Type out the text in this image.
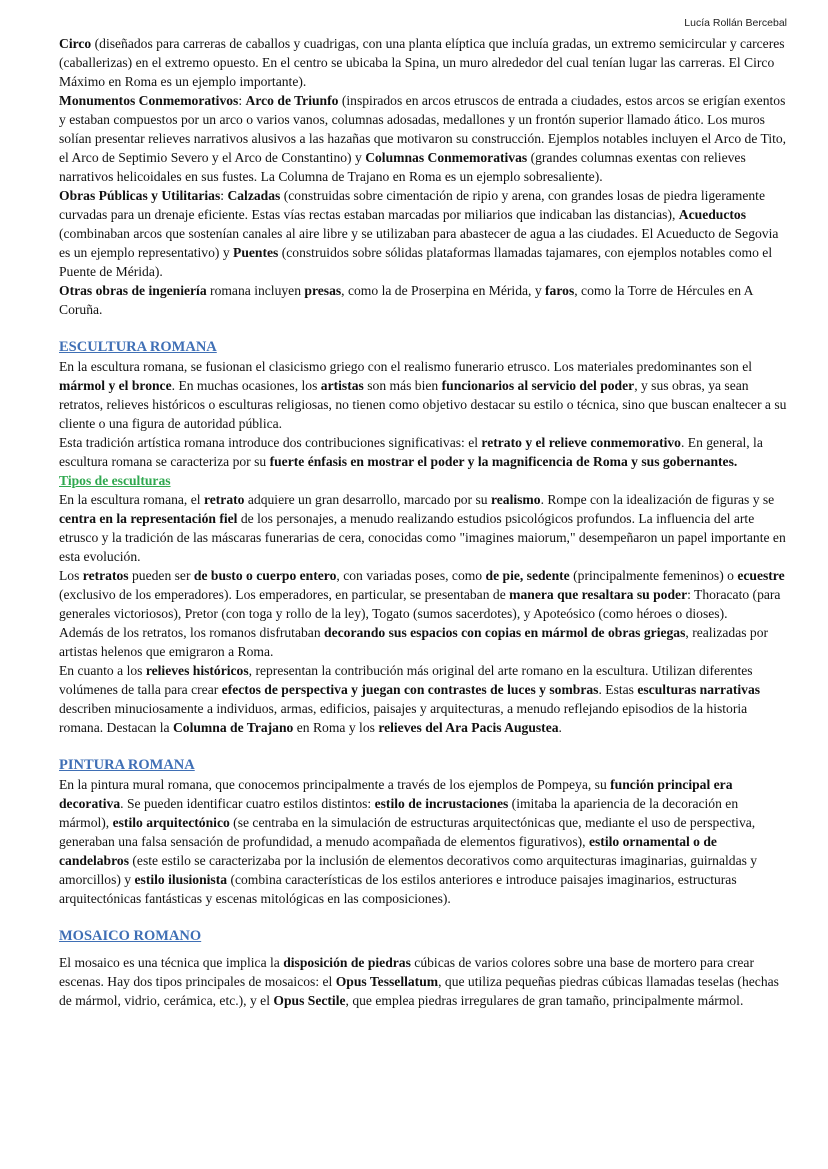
Lucía Rollán Bercebal

Circo (diseñados para carreras de caballos y cuadrigas, con una planta elíptica que incluía gradas, un extremo semicircular y carceres (caballerizas) en el extremo opuesto. En el centro se ubicaba la Spina, un muro alrededor del cual tenían lugar las carreras. El Circo Máximo en Roma es un ejemplo importante).

Monumentos Conmemorativos: Arco de Triunfo (inspirados en arcos etruscos de entrada a ciudades, estos arcos se erigían exentos y estaban compuestos por un arco o varios vanos, columnas adosadas, medallones y un frontón superior llamado ático. Los muros solían presentar relieves narrativos alusivos a las hazañas que motivaron su construcción. Ejemplos notables incluyen el Arco de Tito, el Arco de Septimio Severo y el Arco de Constantino) y Columnas Conmemorativas (grandes columnas exentas con relieves narrativos helicoidales en sus fustes. La Columna de Trajano en Roma es un ejemplo sobresaliente).

Obras Públicas y Utilitarias: Calzadas (construidas sobre cimentación de ripio y arena, con grandes losas de piedra ligeramente curvadas para un drenaje eficiente. Estas vías rectas estaban marcadas por miliarios que indicaban las distancias), Acueductos (combinaban arcos que sostenían canales al aire libre y se utilizaban para abastecer de agua a las ciudades. El Acueducto de Segovia es un ejemplo representativo) y Puentes (construidos sobre sólidas plataformas llamadas tajamares, con ejemplos notables como el Puente de Mérida).

Otras obras de ingeniería romana incluyen presas, como la de Proserpina en Mérida, y faros, como la Torre de Hércules en A Coruña.

ESCULTURA ROMANA

En la escultura romana, se fusionan el clasicismo griego con el realismo funerario etrusco. Los materiales predominantes son el mármol y el bronce. En muchas ocasiones, los artistas son más bien funcionarios al servicio del poder, y sus obras, ya sean retratos, relieves históricos o esculturas religiosas, no tienen como objetivo destacar su estilo o técnica, sino que buscan enaltecer a su cliente o una figura de autoridad pública.

Esta tradición artística romana introduce dos contribuciones significativas: el retrato y el relieve conmemorativo. En general, la escultura romana se caracteriza por su fuerte énfasis en mostrar el poder y la magnificencia de Roma y sus gobernantes.

Tipos de esculturas

En la escultura romana, el retrato adquiere un gran desarrollo, marcado por su realismo. Rompe con la idealización de figuras y se centra en la representación fiel de los personajes, a menudo realizando estudios psicológicos profundos. La influencia del arte etrusco y la tradición de las máscaras funerarias de cera, conocidas como "imagines maiorum," desempeñaron un papel importante en esta evolución.

Los retratos pueden ser de busto o cuerpo entero, con variadas poses, como de pie, sedente (principalmente femeninos) o ecuestre (exclusivo de los emperadores). Los emperadores, en particular, se presentaban de manera que resaltara su poder: Thoracato (para generales victoriosos), Pretor (con toga y rollo de la ley), Togato (sumos sacerdotes), y Apoteósico (como héroes o dioses).

Además de los retratos, los romanos disfrutaban decorando sus espacios con copias en mármol de obras griegas, realizadas por artistas helenos que emigraron a Roma.

En cuanto a los relieves históricos, representan la contribución más original del arte romano en la escultura. Utilizan diferentes volúmenes de talla para crear efectos de perspectiva y juegan con contrastes de luces y sombras. Estas esculturas narrativas describen minuciosamente a individuos, armas, edificios, paisajes y arquitecturas, a menudo reflejando episodios de la historia romana. Destacan la Columna de Trajano en Roma y los relieves del Ara Pacis Augustea.

PINTURA ROMANA

En la pintura mural romana, que conocemos principalmente a través de los ejemplos de Pompeya, su función principal era decorativa. Se pueden identificar cuatro estilos distintos: estilo de incrustaciones (imitaba la apariencia de la decoración en mármol), estilo arquitectónico (se centraba en la simulación de estructuras arquitectónicas que, mediante el uso de perspectiva, generaban una falsa sensación de profundidad, a menudo acompañada de elementos figurativos), estilo ornamental o de candelabros (este estilo se caracterizaba por la inclusión de elementos decorativos como arquitecturas imaginarias, guirnaldas y amorcillos) y estilo ilusionista (combina características de los estilos anteriores e introduce paisajes imaginarios, estructuras arquitectónicas fantásticas y escenas mitológicas en las composiciones).

MOSAICO ROMANO

El mosaico es una técnica que implica la disposición de piedras cúbicas de varios colores sobre una base de mortero para crear escenas. Hay dos tipos principales de mosaicos: el Opus Tessellatum, que utiliza pequeñas piedras cúbicas llamadas teselas (hechas de mármol, vidrio, cerámica, etc.), y el Opus Sectile, que emplea piedras irregulares de gran tamaño, principalmente mármol.
